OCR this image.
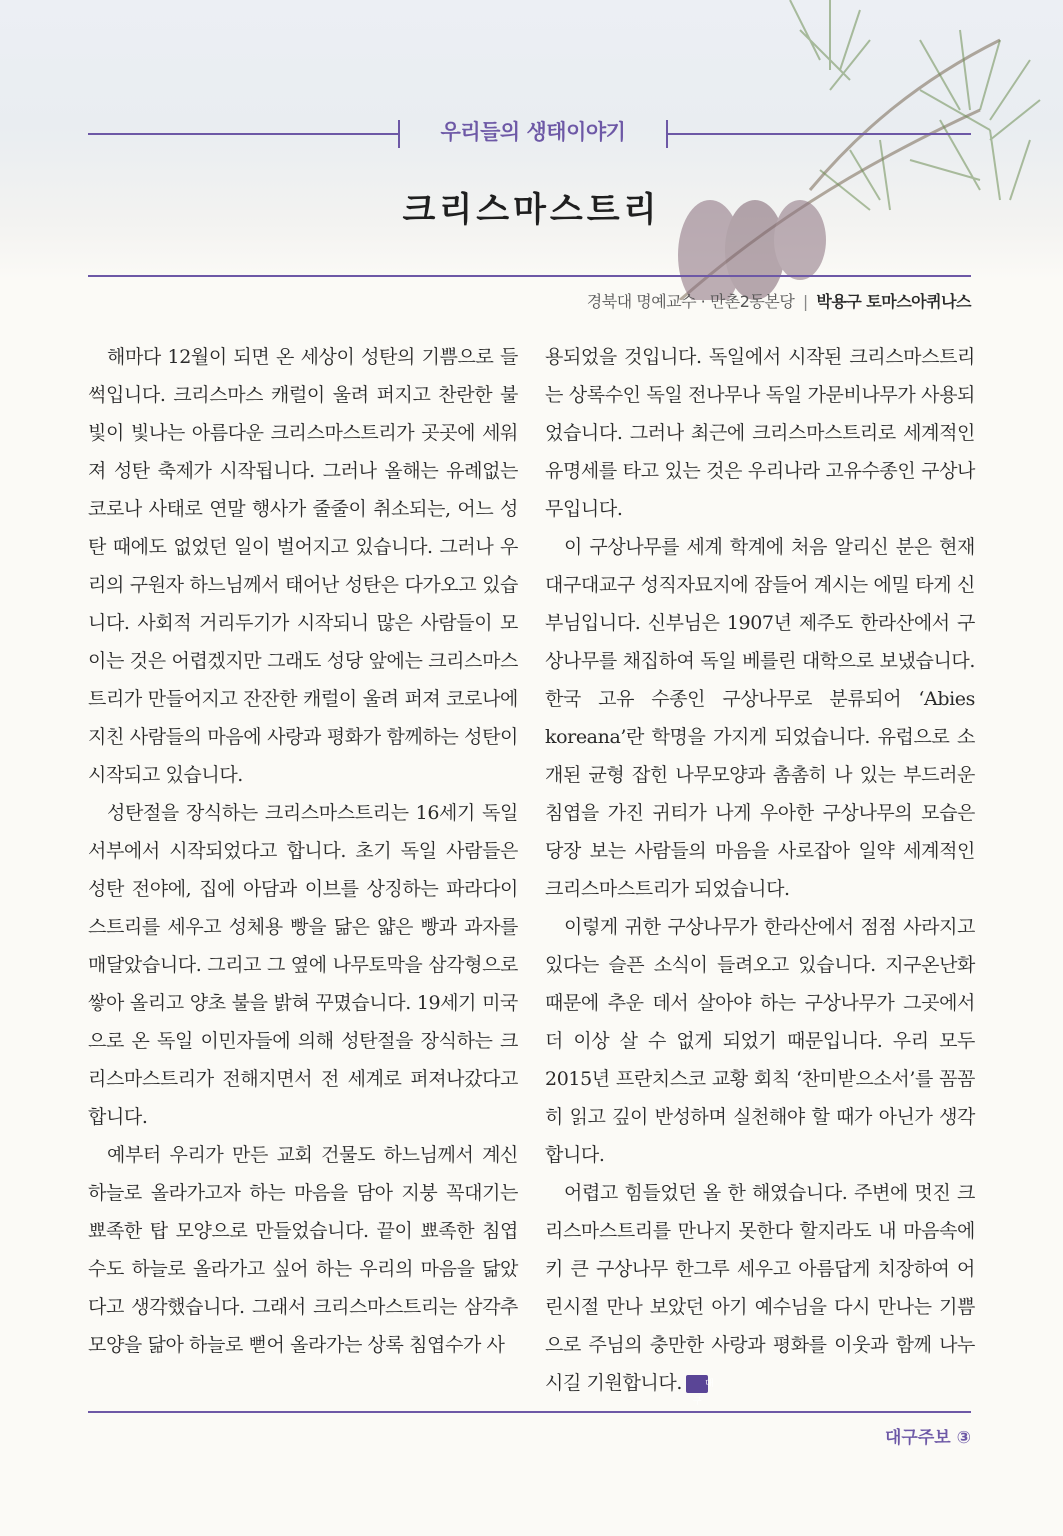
우리들의 생태이야기
크리스마스트리
경북대 명예교수 · 만촌2동본당 | 박용구 토마스아퀴나스

해마다 12월이 되면 온 세상이 성탄의 기쁨으로 들썩입니다. 크리스마스 캐럴이 울려 퍼지고 찬란한 불빛이 빛나는 아름다운 크리스마스트리가 곳곳에 세워져 성탄 축제가 시작됩니다. 그러나 올해는 유례없는 코로나 사태로 연말 행사가 줄줄이 취소되는, 어느 성탄 때에도 없었던 일이 벌어지고 있습니다. 그러나 우리의 구원자 하느님께서 태어난 성탄은 다가오고 있습니다. 사회적 거리두기가 시작되니 많은 사람들이 모이는 것은 어렵겠지만 그래도 성당 앞에는 크리스마스트리가 만들어지고 잔잔한 캐럴이 울려 퍼져 코로나에 지친 사람들의 마음에 사랑과 평화가 함께하는 성탄이 시작되고 있습니다.

성탄절을 장식하는 크리스마스트리는 16세기 독일 서부에서 시작되었다고 합니다. 초기 독일 사람들은 성탄 전야에, 집에 아담과 이브를 상징하는 파라다이스트리를 세우고 성체용 빵을 닮은 얇은 빵과 과자를 매달았습니다. 그리고 그 옆에 나무토막을 삼각형으로 쌓아 올리고 양초 불을 밝혀 꾸몄습니다. 19세기 미국으로 온 독일 이민자들에 의해 성탄절을 장식하는 크리스마스트리가 전해지면서 전 세계로 퍼져나갔다고 합니다.

예부터 우리가 만든 교회 건물도 하느님께서 계신 하늘로 올라가고자 하는 마음을 담아 지붕 꼭대기는 뾰족한 탑 모양으로 만들었습니다. 끝이 뾰족한 침엽수도 하늘로 올라가고 싶어 하는 우리의 마음을 닮았다고 생각했습니다. 그래서 크리스마스트리는 삼각추 모양을 닮아 하늘로 뻗어 올라가는 상록 침엽수가 사

용되었을 것입니다. 독일에서 시작된 크리스마스트리는 상록수인 독일 전나무나 독일 가문비나무가 사용되었습니다. 그러나 최근에 크리스마스트리로 세계적인 유명세를 타고 있는 것은 우리나라 고유수종인 구상나무입니다.

이 구상나무를 세계 학계에 처음 알리신 분은 현재 대구대교구 성직자묘지에 잠들어 계시는 에밀 타게 신부님입니다. 신부님은 1907년 제주도 한라산에서 구상나무를 채집하여 독일 베를린 대학으로 보냈습니다. 한국 고유 수종인 구상나무로 분류되어 ‘Abies koreana’란 학명을 가지게 되었습니다. 유럽으로 소개된 균형 잡힌 나무모양과 촘촘히 나 있는 부드러운 침엽을 가진 귀티가 나게 우아한 구상나무의 모습은 당장 보는 사람들의 마음을 사로잡아 일약 세계적인 크리스마스트리가 되었습니다.

이렇게 귀한 구상나무가 한라산에서 점점 사라지고 있다는 슬픈 소식이 들려오고 있습니다. 지구온난화 때문에 추운 데서 살아야 하는 구상나무가 그곳에서 더 이상 살 수 없게 되었기 때문입니다. 우리 모두 2015년 프란치스코 교황 회칙 ‘찬미받으소서’를 꼼꼼히 읽고 깊이 반성하며 실천해야 할 때가 아닌가 생각합니다.

어렵고 힘들었던 올 한 해였습니다. 주변에 멋진 크리스마스트리를 만나지 못한다 할지라도 내 마음속에 키 큰 구상나무 한그루 세우고 아름답게 치장하여 어린시절 만나 보았던 아기 예수님을 다시 만나는 기쁨으로 주님의 충만한 사랑과 평화를 이웃과 함께 나누시길 기원합니다.	대구

대구주보 ③
